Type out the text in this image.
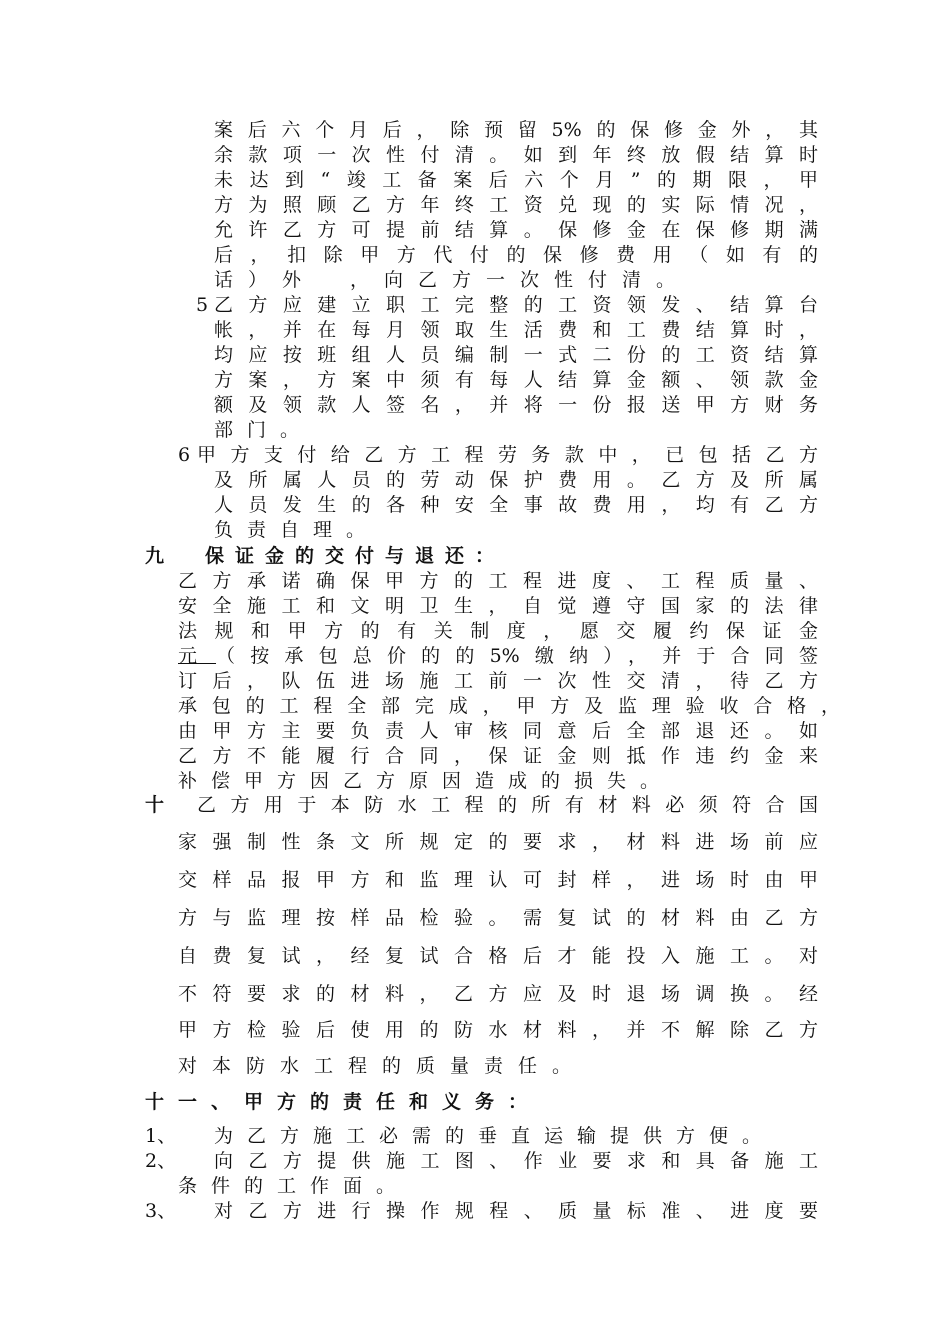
案后六个月后，除预留5%的保修金外，其
余款项一次性付清。如到年终放假结算时
未达到“竣工备案后六个月”的期限，甲
方为照顾乙方年终工资兑现的实际情况，
允许乙方可提前结算。保修金在保修期满
后，扣除甲方代付的保修费用（如有的
话）外　，向乙方一次性付清。
5 乙方应建立职工完整的工资领发、结算台
帐，并在每月领取生活费和工费结算时，
均应按班组人员编制一式二份的工资结算
方案，方案中须有每人结算金额、领款金
额及领款人签名，并将一份报送甲方财务
部门。
6 甲方支付给乙方工程劳务款中，已包括乙方
及所属人员的劳动保护费用。乙方及所属
人员发生的各种安全事故费用，均有乙方
负责自理。
九　保证金的交付与退还：
乙方承诺确保甲方的工程进度、工程质量、
安全施工和文明卫生，自觉遵守国家的法律
法规和甲方的有关制度，愿交履约保证金
元  （按承包总价的的5%缴纳），并于合同签
订后，队伍进场施工前一次性交清，待乙方
承包的工程全部完成，甲方及监理验收合格，
由甲方主要负责人审核同意后全部退还。如
乙方不能履行合同，保证金则抵作违约金来
补偿甲方因乙方原因造成的损失。
十 乙方用于本防水工程的所有材料必须符合国
家强制性条文所规定的要求，材料进场前应
交样品报甲方和监理认可封样，进场时由甲
方与监理按样品检验。需复试的材料由乙方
自费复试，经复试合格后才能投入施工。对
不符要求的材料，乙方应及时退场调换。经
甲方检验后使用的防水材料，并不解除乙方
对本防水工程的质量责任。
十一、甲方的责任和义务：
1、 为乙方施工必需的垂直运输提供方便。
2、 向乙方提供施工图、作业要求和具备施工
条件的工作面。
3、 对乙方进行操作规程、质量标准、进度要
